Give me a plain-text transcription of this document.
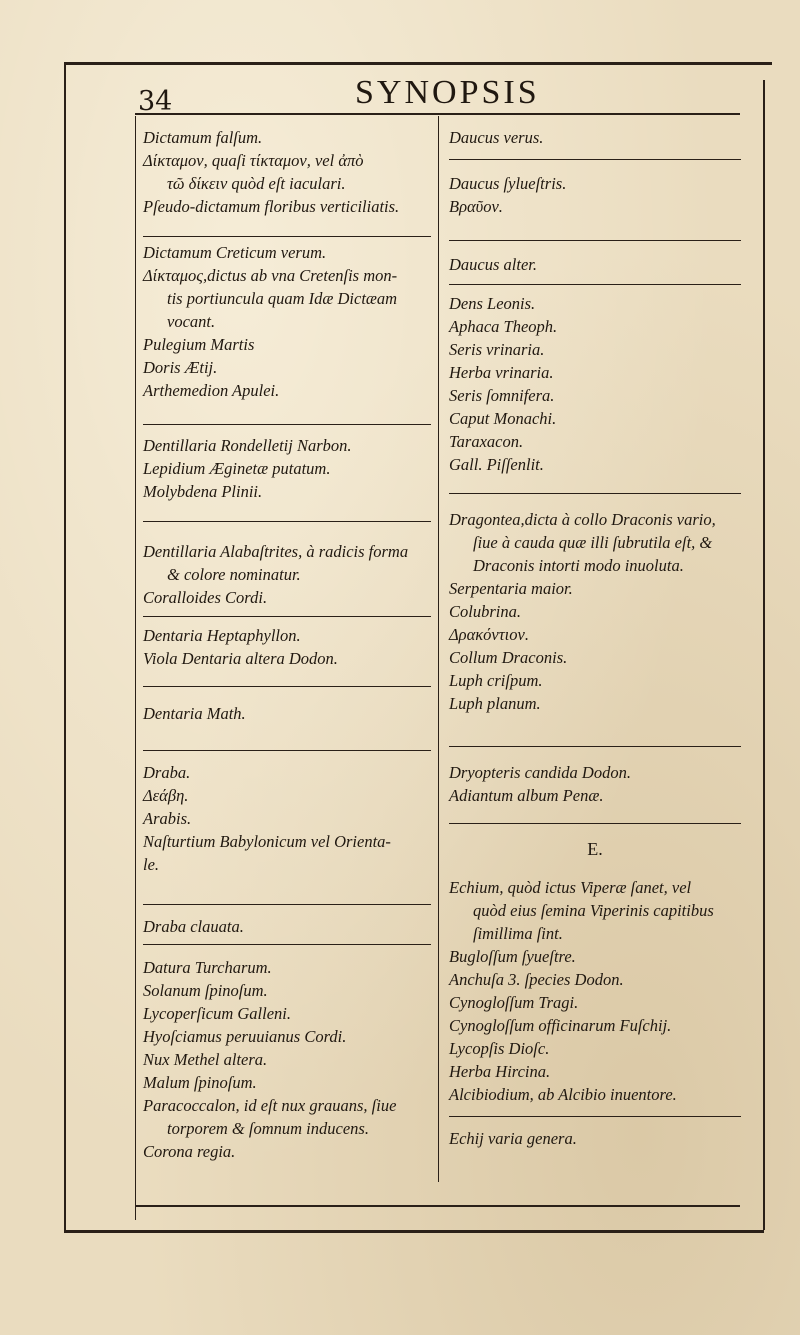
34	SYNOPSIS
Dictamum falſum.
Δίκταμον, quaſi τίκταμον, vel ἀπὸ
τῶ δίκειν quòd eſt iaculari.
Pſeudo-dictamum floribus verticiliatis.
Dictamum Creticum verum.
Δίκταμος,dictus ab vna Cretenſis mon-
tis portiuncula quam Idæ Dictæam
vocant.
Pulegium Martis
Doris Ætij.
Arthemedion Apulei.
Dentillaria Rondelletij Narbon.
Lepidium Æginetæ putatum.
Molybdena Plinii.
Dentillaria Alabaſtrites, à radicis forma
& colore nominatur.
Coralloides Cordi.
Dentaria Heptaphyllon.
Viola Dentaria altera Dodon.
Dentaria Math.
Draba.
Δεάβη.
Arabis.
Naſturtium Babylonicum vel Orienta-
le.
Draba clauata.
Datura Turcharum.
Solanum ſpinoſum.
Lycoperſicum Galleni.
Hyoſciamus peruuianus Cordi.
Nux Methel altera.
Malum ſpinoſum.
Paracoccalon, id eſt nux grauans, ſiue
torporem & ſomnum inducens.
Corona regia.
Daucus verus.
Daucus ſylueſtris.
Βραῦον.
Daucus alter.
Dens Leonis.
Aphaca Theoph.
Seris vrinaria.
Herba vrinaria.
Seris ſomnifera.
Caput Monachi.
Taraxacon.
Gall. Piſſenlit.
Dragontea,dicta à collo Draconis vario,
ſiue à cauda quæ illi ſubrutila eſt, &
Draconis intorti modo inuoluta.
Serpentaria maior.
Colubrina.
Δρακόντιον.
Collum Draconis.
Luph criſpum.
Luph planum.
Dryopteris candida Dodon.
Adiantum album Penæ.
E.
Echium, quòd ictus Viperæ ſanet, vel
quòd eius ſemina Viperinis capitibus
ſimillima ſint.
Bugloſſum ſyueſtre.
Anchuſa 3. ſpecies Dodon.
Cynogloſſum Tragi.
Cynogloſſum officinarum Fuſchij.
Lycopſis Dioſc.
Herba Hircina.
Alcibiodium, ab Alcibio inuentore.
Echij varia genera.
